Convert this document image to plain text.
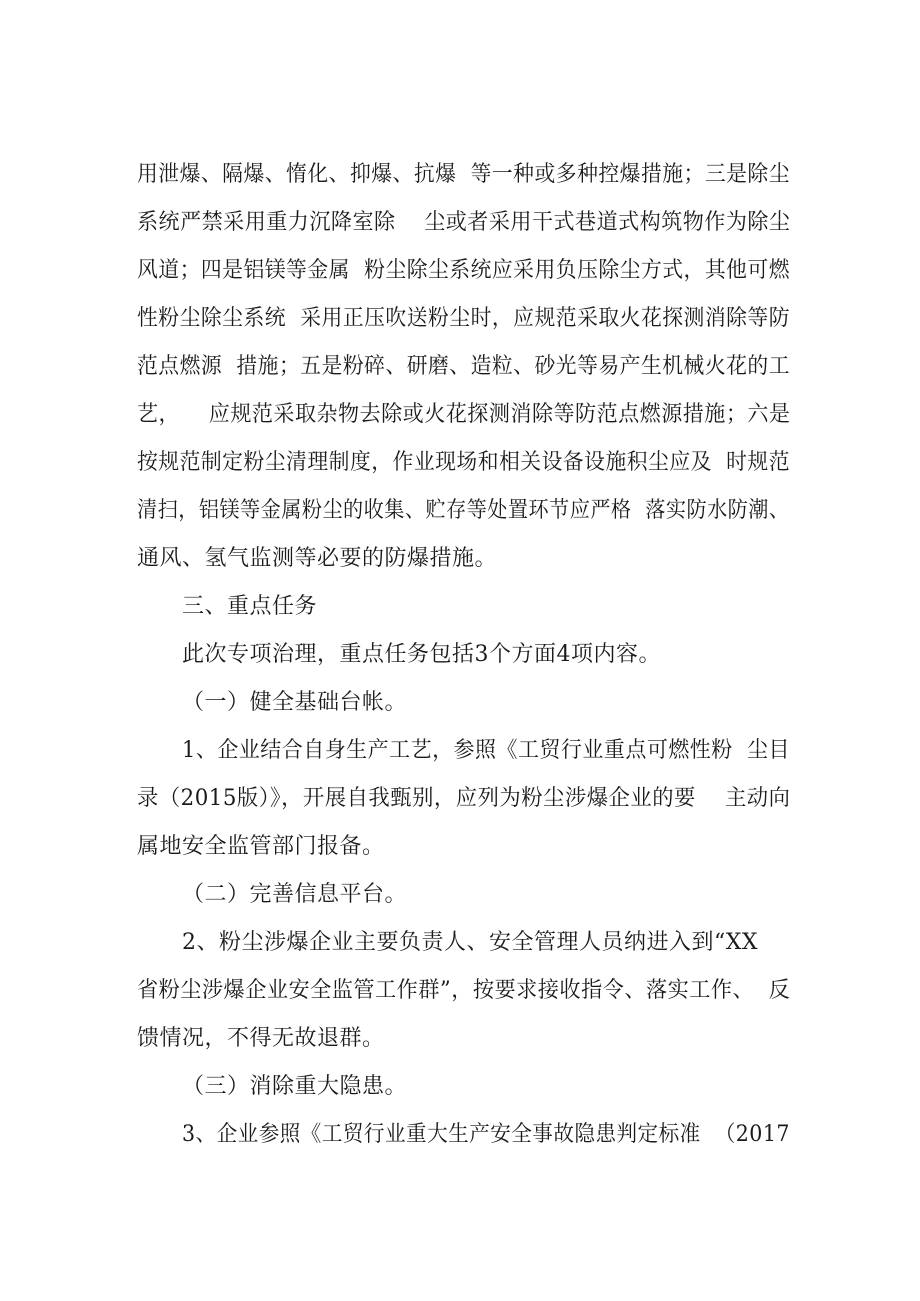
用泄爆、隔爆、惰化、抑爆、抗爆  等一种或多种控爆措施；三是除尘
系统严禁采用重力沉降室除    尘或者采用干式巷道式构筑物作为除尘
风道；四是铝镁等金属  粉尘除尘系统应采用负压除尘方式，其他可燃
性粉尘除尘系统  采用正压吹送粉尘时，应规范采取火花探测消除等防
范点燃源  措施；五是粉碎、研磨、造粒、砂光等易产生机械火花的工
艺，    应规范采取杂物去除或火花探测消除等防范点燃源措施；六是
按规范制定粉尘清理制度，作业现场和相关设备设施积尘应及  时规范
清扫，铝镁等金属粉尘的收集、贮存等处置环节应严格  落实防水防潮、
通风、氢气监测等必要的防爆措施。
三、重点任务
此次专项治理，重点任务包括3个方面4项内容。
（一）健全基础台帐。
1、企业结合自身生产工艺，参照《工贸行业重点可燃性粉  尘目
录（2015版）》，开展自我甄别，应列为粉尘涉爆企业的要    主动向
属地安全监管部门报备。
（二）完善信息平台。
2、粉尘涉爆企业主要负责人、安全管理人员纳进入到“XX
省粉尘涉爆企业安全监管工作群”，按要求接收指令、落实工作、  反
馈情况，不得无故退群。
（三）消除重大隐患。
3、企业参照《工贸行业重大生产安全事故隐患判定标准  （2017
